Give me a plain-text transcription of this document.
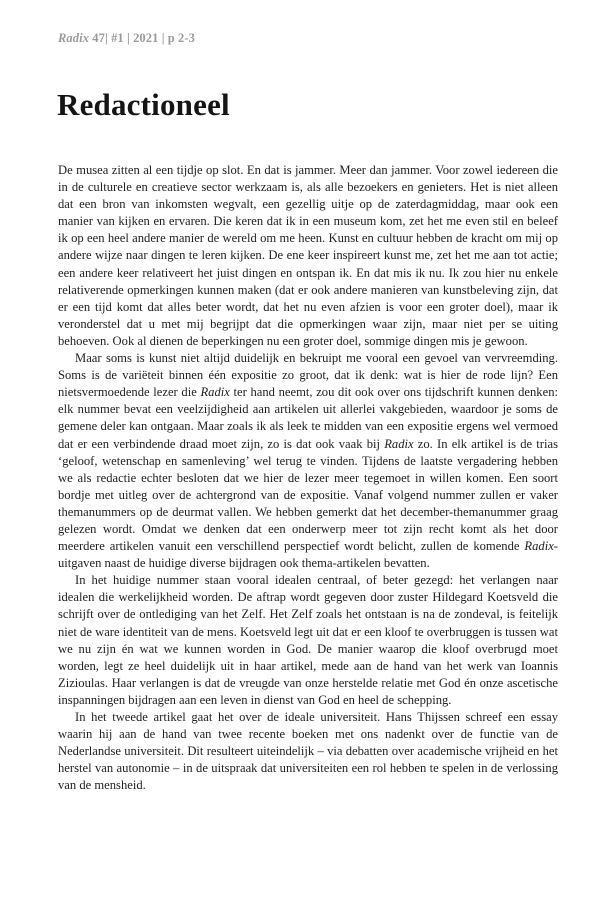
Radix 47| #1 | 2021 | p 2-3
Redactioneel

De musea zitten al een tijdje op slot. En dat is jammer. Meer dan jammer. Voor zowel iedereen die in de culturele en creatieve sector werkzaam is, als alle bezoekers en genieters. Het is niet alleen dat een bron van inkomsten wegvalt, een gezellig uitje op de zaterdagmiddag, maar ook een manier van kijken en ervaren. Die keren dat ik in een museum kom, zet het me even stil en beleef ik op een heel andere manier de wereld om me heen. Kunst en cultuur hebben de kracht om mij op andere wijze naar dingen te leren kijken. De ene keer inspireert kunst me, zet het me aan tot actie; een andere keer relativeert het juist dingen en ontspan ik. En dat mis ik nu. Ik zou hier nu enkele relativerende opmerkingen kunnen maken (dat er ook andere manieren van kunstbeleving zijn, dat er een tijd komt dat alles beter wordt, dat het nu even afzien is voor een groter doel), maar ik veronderstel dat u met mij begrijpt dat die opmerkingen waar zijn, maar niet per se uiting behoeven. Ook al dienen de beperkingen nu een groter doel, sommige dingen mis je gewoon.

Maar soms is kunst niet altijd duidelijk en bekruipt me vooral een gevoel van vervreemding. Soms is de variëteit binnen één expositie zo groot, dat ik denk: wat is hier de rode lijn? Een nietsvermoedende lezer die Radix ter hand neemt, zou dit ook over ons tijdschrift kunnen denken: elk nummer bevat een veelzijdigheid aan artikelen uit allerlei vakgebieden, waardoor je soms de gemene deler kan ontgaan. Maar zoals ik als leek te midden van een expositie ergens wel vermoed dat er een verbindende draad moet zijn, zo is dat ook vaak bij Radix zo. In elk artikel is de trias ‘geloof, wetenschap en samenleving’ wel terug te vinden. Tijdens de laatste vergadering hebben we als redactie echter besloten dat we hier de lezer meer tegemoet in willen komen. Een soort bordje met uitleg over de achtergrond van de expositie. Vanaf volgend nummer zullen er vaker themanummers op de deurmat vallen. We hebben gemerkt dat het december-themanummer graag gelezen wordt. Omdat we denken dat een onderwerp meer tot zijn recht komt als het door meerdere artikelen vanuit een verschillend perspectief wordt belicht, zullen de komende Radix-uitgaven naast de huidige diverse bijdragen ook thema-artikelen bevatten.

In het huidige nummer staan vooral idealen centraal, of beter gezegd: het verlangen naar idealen die werkelijkheid worden. De aftrap wordt gegeven door zuster Hildegard Koetsveld die schrijft over de ontlediging van het Zelf. Het Zelf zoals het ontstaan is na de zondeval, is feitelijk niet de ware identiteit van de mens. Koetsveld legt uit dat er een kloof te overbruggen is tussen wat we nu zijn én wat we kunnen worden in God. De manier waarop die kloof overbrugd moet worden, legt ze heel duidelijk uit in haar artikel, mede aan de hand van het werk van Ioannis Zizioulas. Haar verlangen is dat de vreugde van onze herstelde relatie met God én onze ascetische inspanningen bijdragen aan een leven in dienst van God en heel de schepping.

In het tweede artikel gaat het over de ideale universiteit. Hans Thijssen schreef een essay waarin hij aan de hand van twee recente boeken met ons nadenkt over de functie van de Nederlandse universiteit. Dit resulteert uiteindelijk – via debatten over academische vrijheid en het herstel van autonomie – in de uitspraak dat universiteiten een rol hebben te spelen in de verlossing van de mensheid.
